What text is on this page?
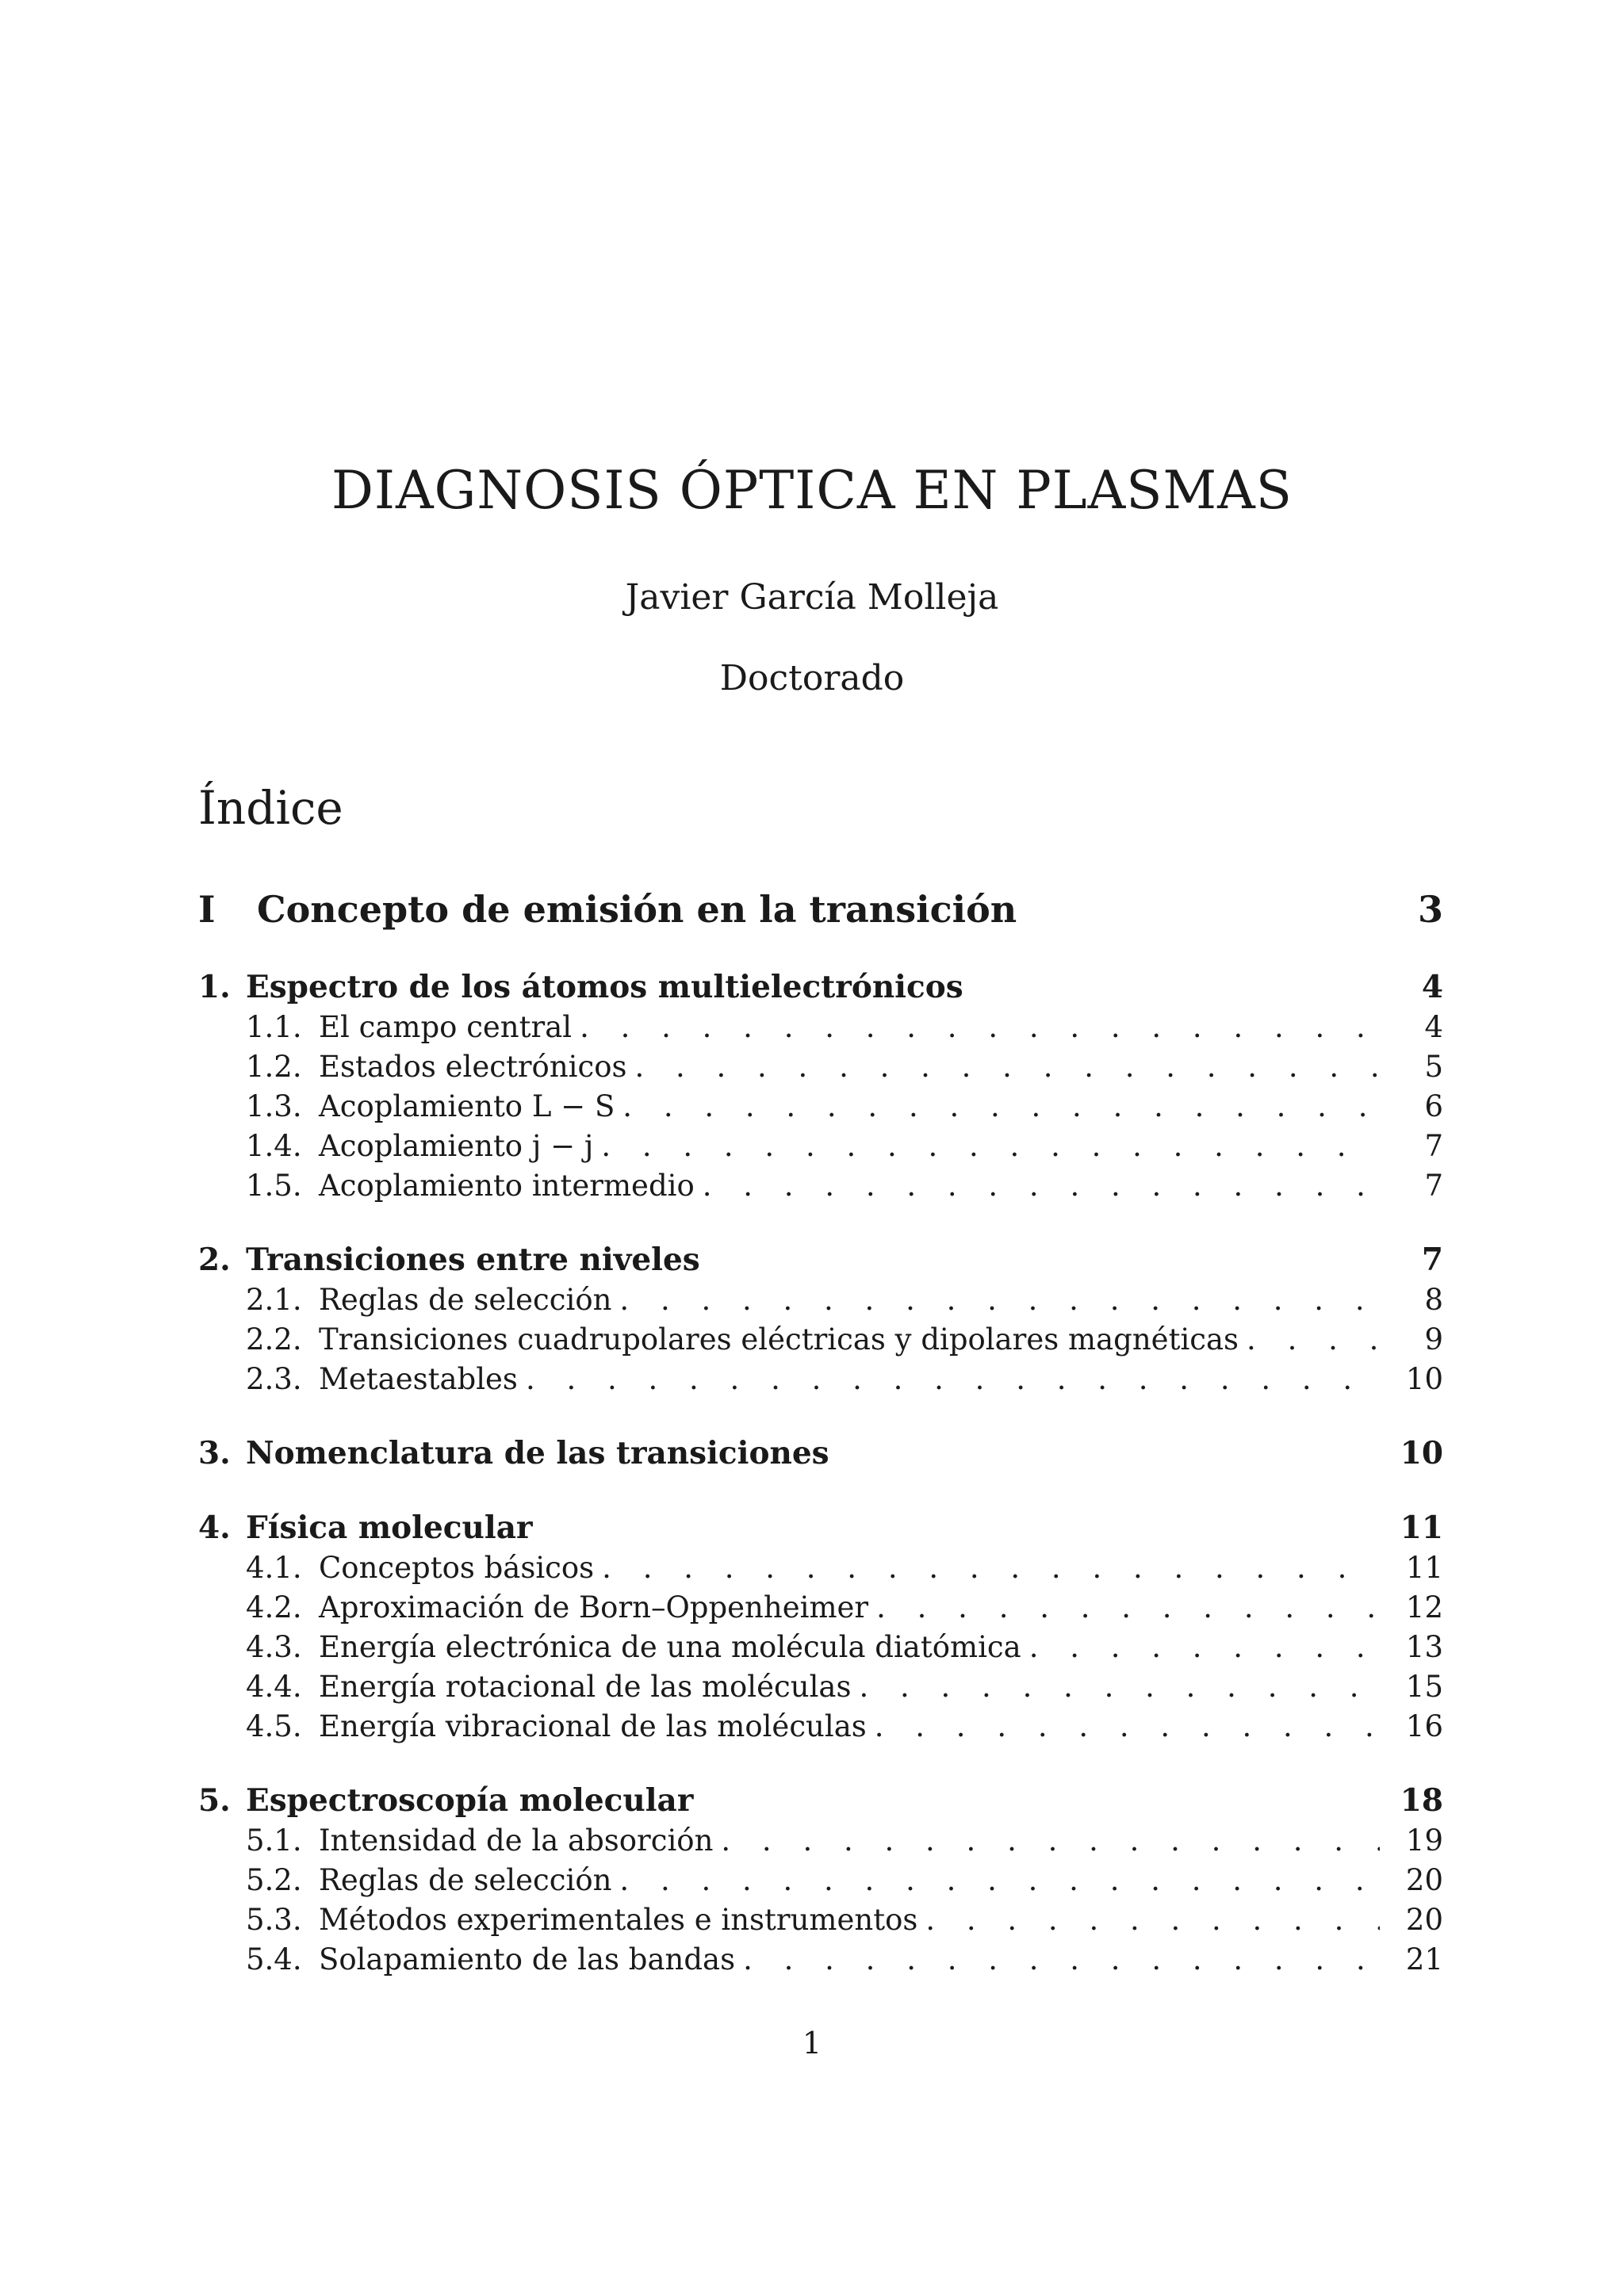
DIAGNOSIS ÓPTICA EN PLASMAS
Javier García Molleja
Doctorado
Índice
I	Concepto de emisión en la transición	3
1. Espectro de los átomos multielectrónicos	4
1.1. El campo central . . .	4
1.2. Estados electrónicos . . .	5
1.3. Acoplamiento L − S . . .	6
1.4. Acoplamiento j − j . . .	7
1.5. Acoplamiento intermedio . . .	7
2. Transiciones entre niveles	7
2.1. Reglas de selección . . .	8
2.2. Transiciones cuadrupolares eléctricas y dipolares magnéticas . . .	9
2.3. Metaestables . . .	10
3. Nomenclatura de las transiciones	10
4. Física molecular	11
4.1. Conceptos básicos . . .	11
4.2. Aproximación de Born–Oppenheimer . . .	12
4.3. Energía electrónica de una molécula diatómica . . .	13
4.4. Energía rotacional de las moléculas . . .	15
4.5. Energía vibracional de las moléculas . . .	16
5. Espectroscopía molecular	18
5.1. Intensidad de la absorción . . .	19
5.2. Reglas de selección . . .	20
5.3. Métodos experimentales e instrumentos . . .	20
5.4. Solapamiento de las bandas . . .	21
1
